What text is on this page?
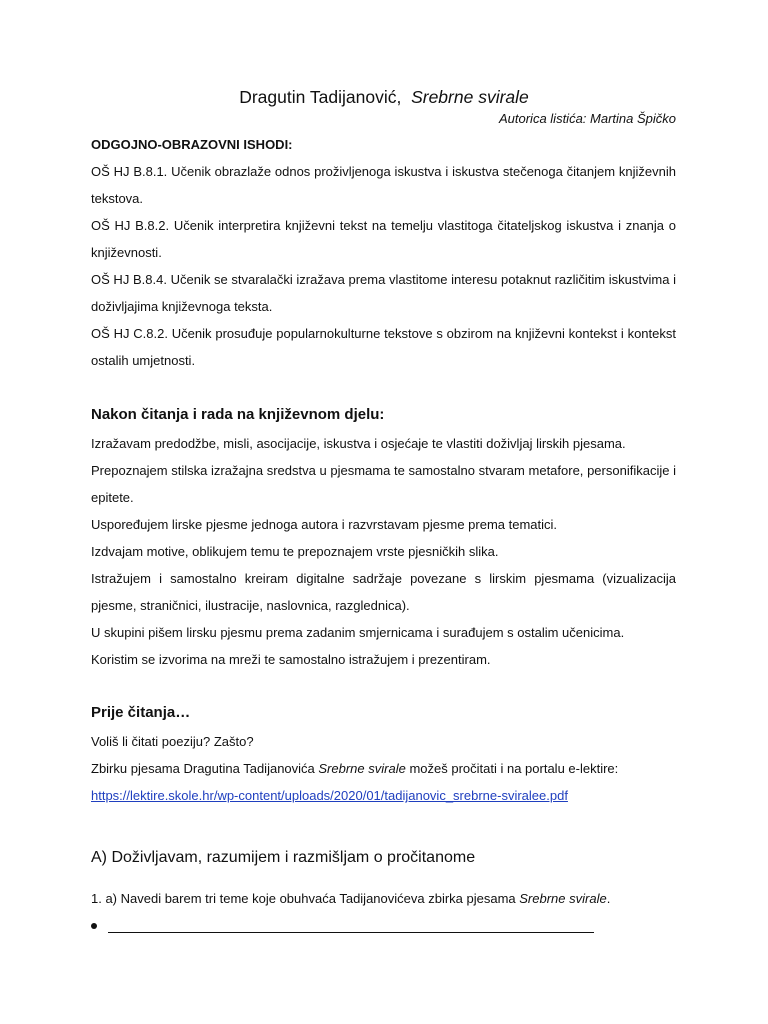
Dragutin Tadijanović, Srebrne svirale
Autorica listića: Martina Špičko

ODGOJNO-OBRAZOVNI ISHODI:

OŠ HJ B.8.1. Učenik obrazlaže odnos proživljenoga iskustva i iskustva stečenoga čitanjem književnih tekstova.

OŠ HJ B.8.2. Učenik interpretira književni tekst na temelju vlastitoga čitateljskog iskustva i znanja o književnosti.

OŠ HJ B.8.4. Učenik se stvaralački izražava prema vlastitome interesu potaknut različitim iskustvima i doživljajima književnoga teksta.

OŠ HJ C.8.2. Učenik prosuđuje popularnokulturne tekstove s obzirom na književni kontekst i kontekst ostalih umjetnosti.

Nakon čitanja i rada na književnom djelu:

Izražavam predodžbe, misli, asocijacije, iskustva i osjećaje te vlastiti doživljaj lirskih pjesama.

Prepoznajem stilska izražajna sredstva u pjesmama te samostalno stvaram metafore, personifikacije i epitete.

Uspoređujem lirske pjesme jednoga autora i razvrstavam pjesme prema tematici.

Izdvajam motive, oblikujem temu te prepoznajem vrste pjesničkih slika.

Istražujem i samostalno kreiram digitalne sadržaje povezane s lirskim pjesmama (vizualizacija pjesme, straničnici, ilustracije, naslovnica, razglednica).

U skupini pišem lirsku pjesmu prema zadanim smjernicama i surađujem s ostalim učenicima.

Koristim se izvorima na mreži te samostalno istražujem i prezentiram.

Prije čitanja…

Voliš li čitati poeziju? Zašto?

Zbirku pjesama Dragutina Tadijanovića Srebrne svirale možeš pročitati i na portalu e-lektire:

https://lektire.skole.hr/wp-content/uploads/2020/01/tadijanovic_srebrne-sviralee.pdf

A) Doživljavam, razumijem i razmišljam o pročitanome

1. a) Navedi barem tri teme koje obuhvaća Tadijanovićeva zbirka pjesama Srebrne svirale.
